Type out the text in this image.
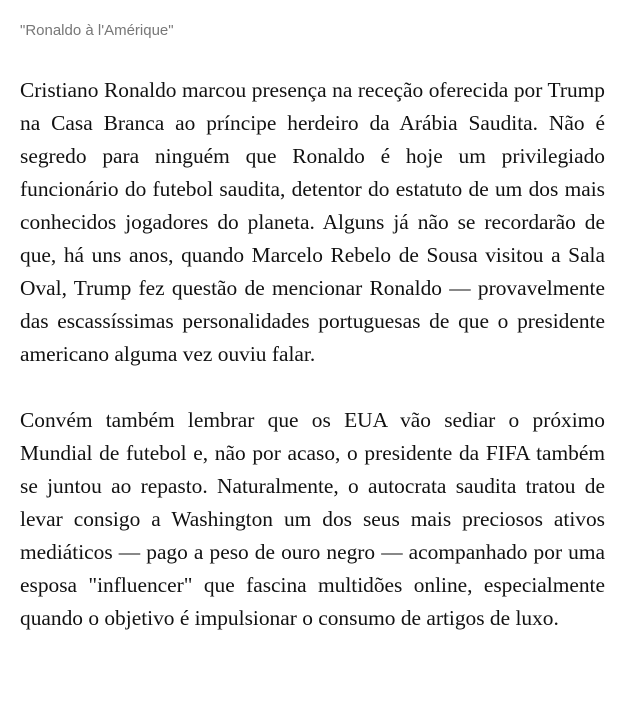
"Ronaldo à l'Amérique"

Cristiano Ronaldo marcou presença na receção oferecida por Trump na Casa Branca ao príncipe herdeiro da Arábia Saudita. Não é segredo para ninguém que Ronaldo é hoje um privilegiado funcionário do futebol saudita, detentor do estatuto de um dos mais conhecidos jogadores do planeta. Alguns já não se recordarão de que, há uns anos, quando Marcelo Rebelo de Sousa visitou a Sala Oval, Trump fez questão de mencionar Ronaldo — provavelmente das escassíssimas personalidades portuguesas de que o presidente americano alguma vez ouviu falar.

Convém também lembrar que os EUA vão sediar o próximo Mundial de futebol e, não por acaso, o presidente da FIFA também se juntou ao repasto. Naturalmente, o autocrata saudita tratou de levar consigo a Washington um dos seus mais preciosos ativos mediáticos — pago a peso de ouro negro — acompanhado por uma esposa "influencer" que fascina multidões online, especialmente quando o objetivo é impulsionar o consumo de artigos de luxo.
